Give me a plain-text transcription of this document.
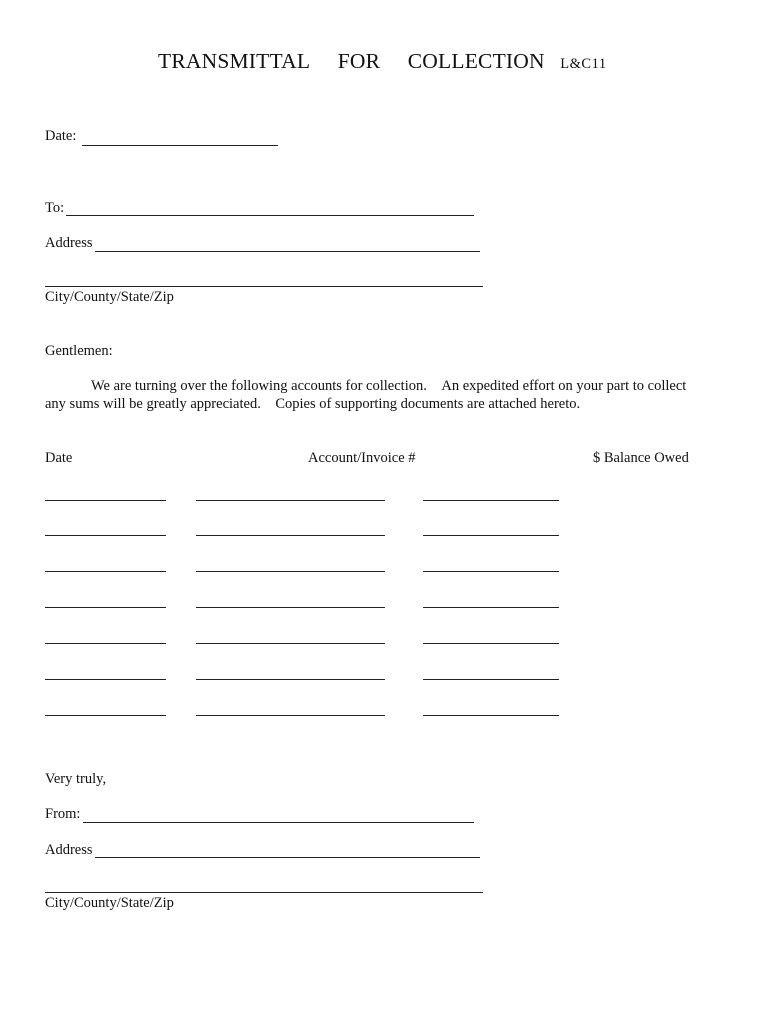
TRANSMITTAL FOR COLLECTION L&C11
Date:
To:
Address
City/County/State/Zip
Gentlemen:
We are turning over the following accounts for collection. An expedited effort on your part to collect
any sums will be greatly appreciated. Copies of supporting documents are attached hereto.
Date	Account/Invoice #	$ Balance Owed
Very truly,
From:
Address
City/County/State/Zip
